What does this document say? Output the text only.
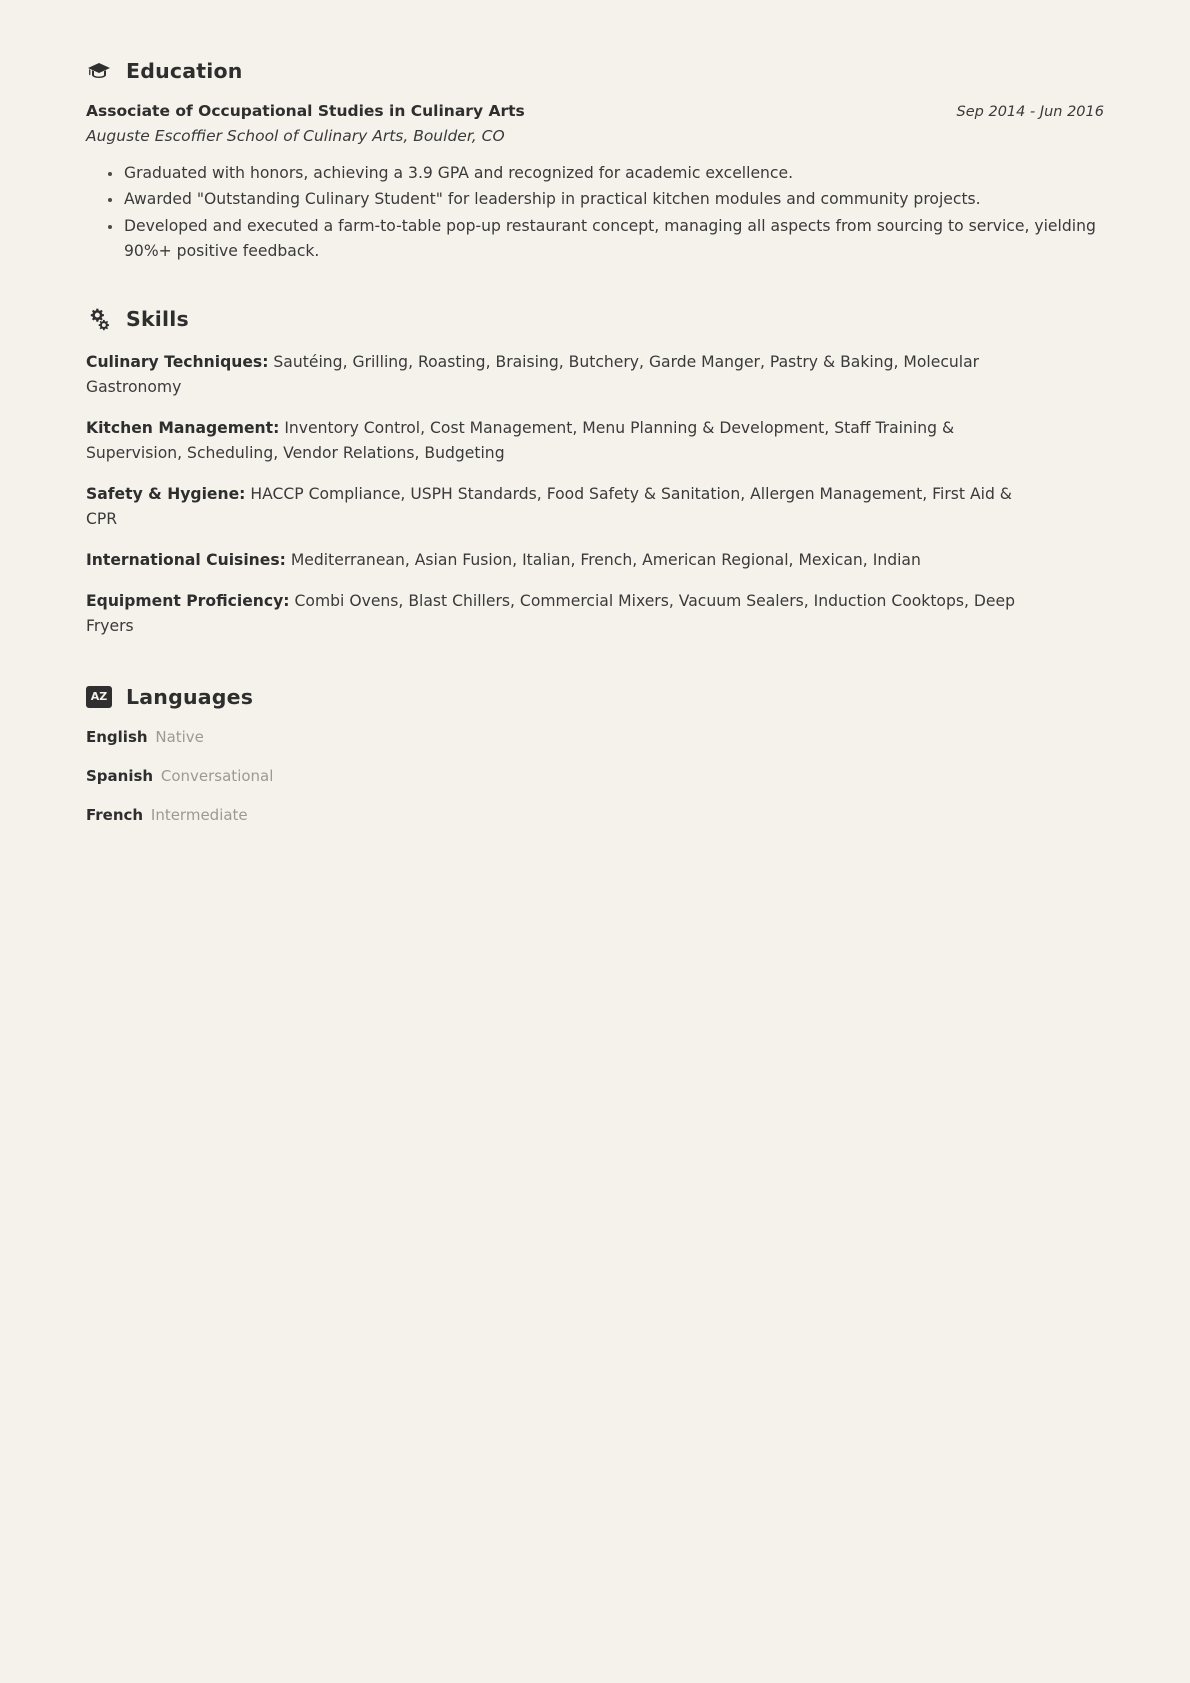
Education
Associate of Occupational Studies in Culinary Arts	Sep 2014 - Jun 2016
Auguste Escoffier School of Culinary Arts, Boulder, CO
Graduated with honors, achieving a 3.9 GPA and recognized for academic excellence.
Awarded "Outstanding Culinary Student" for leadership in practical kitchen modules and community projects.
Developed and executed a farm-to-table pop-up restaurant concept, managing all aspects from sourcing to service, yielding 90%+ positive feedback.
Skills

Culinary Techniques: Sautéing, Grilling, Roasting, Braising, Butchery, Garde Manger, Pastry & Baking, Molecular Gastronomy

Kitchen Management: Inventory Control, Cost Management, Menu Planning & Development, Staff Training & Supervision, Scheduling, Vendor Relations, Budgeting

Safety & Hygiene: HACCP Compliance, USPH Standards, Food Safety & Sanitation, Allergen Management, First Aid & CPR

International Cuisines: Mediterranean, Asian Fusion, Italian, French, American Regional, Mexican, Indian

Equipment Proficiency: Combi Ovens, Blast Chillers, Commercial Mixers, Vacuum Sealers, Induction Cooktops, Deep Fryers

AZ Languages
English Native
Spanish Conversational
French Intermediate
